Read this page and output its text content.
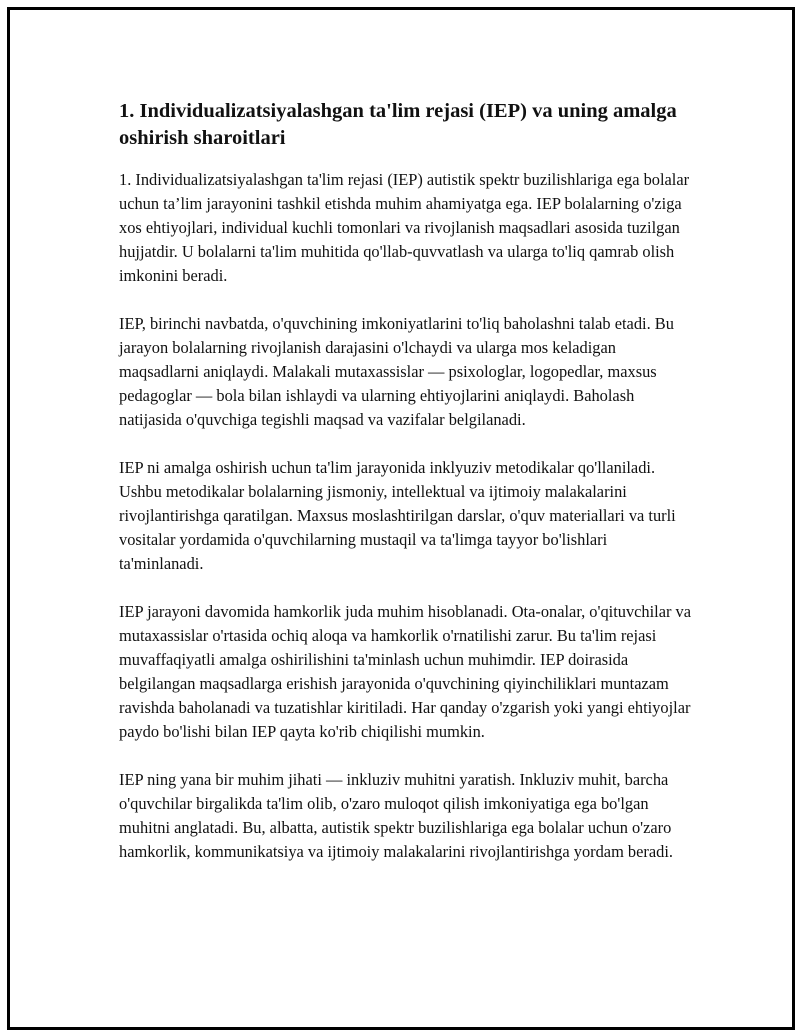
1. Individualizatsiyalashgan ta'lim rejasi (IEP) va uning amalga oshirish sharoitlari

1. Individualizatsiyalashgan ta'lim rejasi (IEP) autistik spektr buzilishlariga ega bolalar uchun ta’lim jarayonini tashkil etishda muhim ahamiyatga ega. IEP bolalarning o'ziga xos ehtiyojlari, individual kuchli tomonlari va rivojlanish maqsadlari asosida tuzilgan hujjatdir. U bolalarni ta'lim muhitida qo'llab-quvvatlash va ularga to'liq qamrab olish imkonini beradi.

IEP, birinchi navbatda, o'quvchining imkoniyatlarini to'liq baholashni talab etadi. Bu jarayon bolalarning rivojlanish darajasini o'lchaydi va ularga mos keladigan maqsadlarni aniqlaydi. Malakali mutaxassislar — psixologlar, logopedlar, maxsus pedagoglar — bola bilan ishlaydi va ularning ehtiyojlarini aniqlaydi. Baholash natijasida o'quvchiga tegishli maqsad va vazifalar belgilanadi.

IEP ni amalga oshirish uchun ta'lim jarayonida inklyuziv metodikalar qo'llaniladi. Ushbu metodikalar bolalarning jismoniy, intellektual va ijtimoiy malakalarini rivojlantirishga qaratilgan. Maxsus moslashtirilgan darslar, o'quv materiallari va turli vositalar yordamida o'quvchilarning mustaqil va ta'limga tayyor bo'lishlari ta'minlanadi.

IEP jarayoni davomida hamkorlik juda muhim hisoblanadi. Ota-onalar, o'qituvchilar va mutaxassislar o'rtasida ochiq aloqa va hamkorlik o'rnatilishi zarur. Bu ta'lim rejasi muvaffaqiyatli amalga oshirilishini ta'minlash uchun muhimdir. IEP doirasida belgilangan maqsadlarga erishish jarayonida o'quvchining qiyinchiliklari muntazam ravishda baholanadi va tuzatishlar kiritiladi. Har qanday o'zgarish yoki yangi ehtiyojlar paydo bo'lishi bilan IEP qayta ko'rib chiqilishi mumkin.

IEP ning yana bir muhim jihati — inkluziv muhitni yaratish. Inkluziv muhit, barcha o'quvchilar birgalikda ta'lim olib, o'zaro muloqot qilish imkoniyatiga ega bo'lgan muhitni anglatadi. Bu, albatta, autistik spektr buzilishlariga ega bolalar uchun o'zaro hamkorlik, kommunikatsiya va ijtimoiy malakalarini rivojlantirishga yordam beradi.
